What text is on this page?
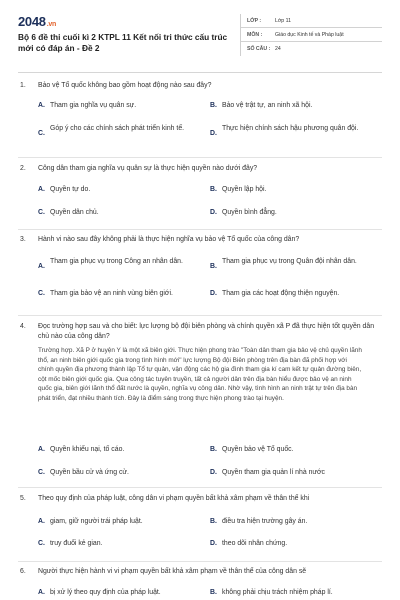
2048.vn
Bộ 6 đề thi cuối kì 2 KTPL 11 Kết nối tri thức cấu trúc mới có đáp án - Đề 2
LỚP :	Lớp 11
MÔN :	Giáo dục Kinh tế và Pháp luật
SỐ CÂU : 24
1. Bảo vệ Tổ quốc không bao gồm hoạt động nào sau đây?
A. Tham gia nghĩa vụ quân sự.	B. Bảo vệ trật tự, an ninh xã hội.
C.
Góp ý cho các chính sách phát triển kinh tế.
D.
Thực hiện chính sách hậu phương quân đội.
2. Công dân tham gia nghĩa vụ quân sự là thực hiện quyền nào dưới đây?
A. Quyền tự do.	B. Quyền lập hội.
C. Quyền dân chủ.	D. Quyền bình đẳng.
3. Hành vi nào sau đây không phải là thực hiện nghĩa vụ bảo vệ Tổ quốc của công dân?
A.
Tham gia phục vụ trong Công an nhân dân.
B.
Tham gia phục vụ trong Quân đội nhân dân.
C. Tham gia bảo vệ an ninh vùng biên giới.	D. Tham gia các hoạt động thiện nguyện.
4. Đọc trường hợp sau và cho biết: lực lượng bộ đội biên phòng và chính quyền xã P đã thực hiện tốt quyền dân chủ nào của công dân?
Trường hợp. Xã P ở huyện Y là một xã biên giới. Thực hiện phong trào "Toàn dân tham gia bảo vệ chủ quyền lãnh thổ, an ninh biên giới quốc gia trong tình hình mới" lực lượng Bộ đội Biên phòng trên địa bàn đã phối hợp với chính quyền địa phương thành lập Tổ tự quản, vận động các hộ gia đình tham gia kí cam kết tự quản đường biên, cột mốc biên giới quốc gia. Qua công tác tuyên truyền, tất cả người dân trên địa bàn hiểu được bảo vệ an ninh quốc gia, biên giới lãnh thổ đất nước là quyền, nghĩa vụ công dân. Nhờ vậy, tình hình an ninh trật tự trên địa bàn phát triển, đạt nhiều thành tích. Đây là điểm sáng trong thực hiện phong trào tại huyện.
A. Quyền khiếu nại, tố cáo.	B. Quyền bảo vệ Tổ quốc.
C. Quyền bầu cử và ứng cử.	D. Quyền tham gia quản lí nhà nước
5. Theo quy định của pháp luật, công dân vi phạm quyền bất khả xâm phạm về thân thể khi
A. giam, giữ người trái pháp luật.	B. điều tra hiện trường gây án.
C. truy đuổi kẻ gian.	D. theo dõi nhân chứng.
6. Người thực hiện hành vi vi phạm quyền bất khả xâm phạm về thân thể của công dân sẽ
A. bị xử lý theo quy định của pháp luật.	B. không phải chịu trách nhiệm pháp lí.
